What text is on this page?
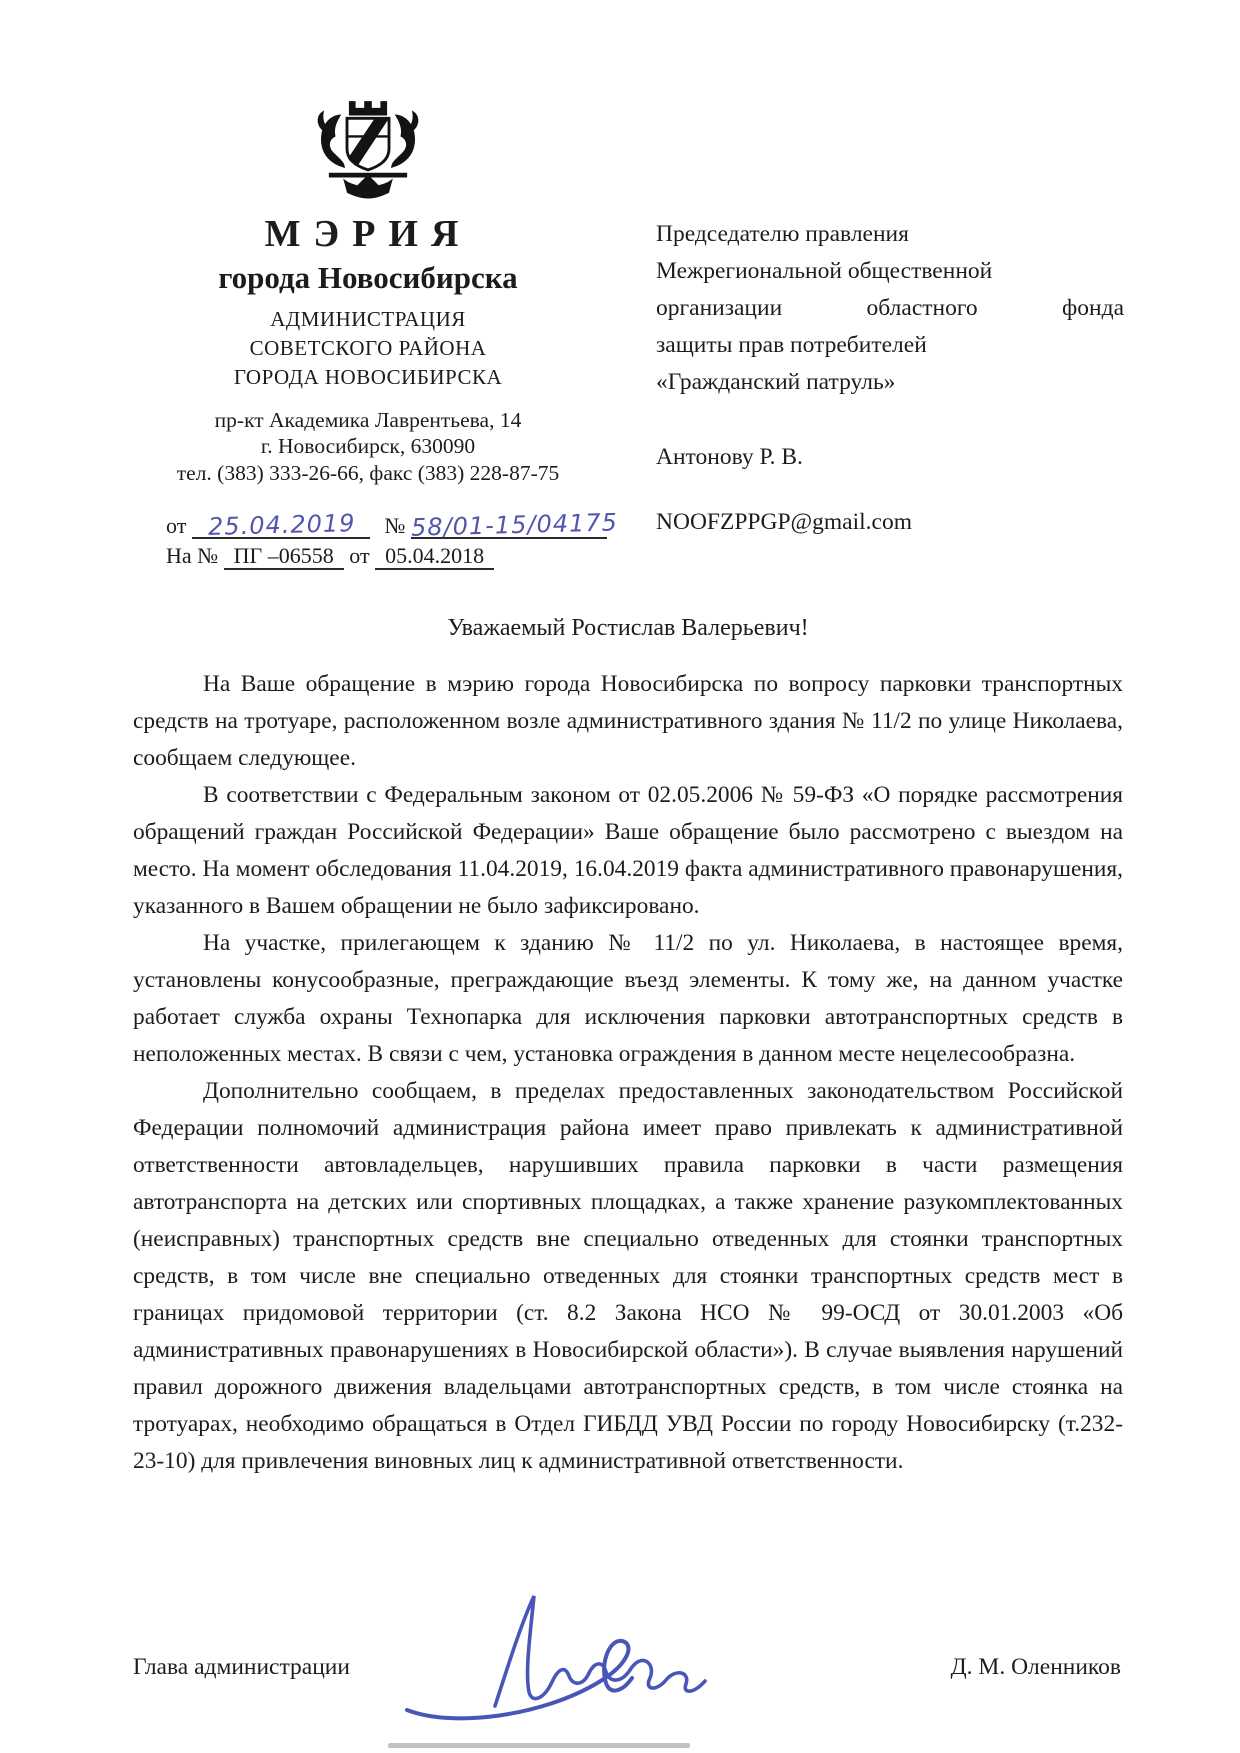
МЭРИЯ
города Новосибирска
АДМИНИСТРАЦИЯ
СОВЕТСКОГО РАЙОНА
ГОРОДА НОВОСИБИРСКА
пр-кт Академика Лаврентьева, 14
г. Новосибирск, 630090
тел. (383) 333-26-66, факс (383) 228-87-75
от 25.04.2019	№ 58/01-15/04175
На № ПГ –06558 от 05.04.2018
Председателю правления
Межрегиональной общественной
организации областного фонда
защиты прав потребителей
«Гражданский патруль»
Антонову Р. В.
NOOFZPPGP@gmail.com
Уважаемый Ростислав Валерьевич!

На Ваше обращение в мэрию города Новосибирска по вопросу парковки транспортных средств на тротуаре, расположенном возле административного здания № 11/2 по улице Николаева, сообщаем следующее.

В соответствии с Федеральным законом от 02.05.2006 № 59-ФЗ «О порядке рассмотрения обращений граждан Российской Федерации» Ваше обращение было рассмотрено с выездом на место. На момент обследования 11.04.2019, 16.04.2019 факта административного правонарушения, указанного в Вашем обращении не было зафиксировано.

На участке, прилегающем к зданию № 11/2 по ул. Николаева, в настоящее время, установлены конусообразные, преграждающие въезд элементы. К тому же, на данном участке работает служба охраны Технопарка для исключения парковки автотранспортных средств в неположенных местах. В связи с чем, установка ограждения в данном месте нецелесообразна.

Дополнительно сообщаем, в пределах предоставленных законодательством Российской Федерации полномочий администрация района имеет право привлекать к административной ответственности автовладельцев, нарушивших правила парковки в части размещения автотранспорта на детских или спортивных площадках, а также хранение разукомплектованных (неисправных) транспортных средств вне специально отведенных для стоянки транспортных средств, в том числе вне специально отведенных для стоянки транспортных средств мест в границах придомовой территории (ст. 8.2 Закона НСО № 99-ОСД от 30.01.2003 «Об административных правонарушениях в Новосибирской области»). В случае выявления нарушений правил дорожного движения владельцами автотранспортных средств, в том числе стоянка на тротуарах, необходимо обращаться в Отдел ГИБДД УВД России по городу Новосибирску (т.232-23-10) для привлечения виновных лиц к административной ответственности.

Глава администрации	Д. М. Оленников
